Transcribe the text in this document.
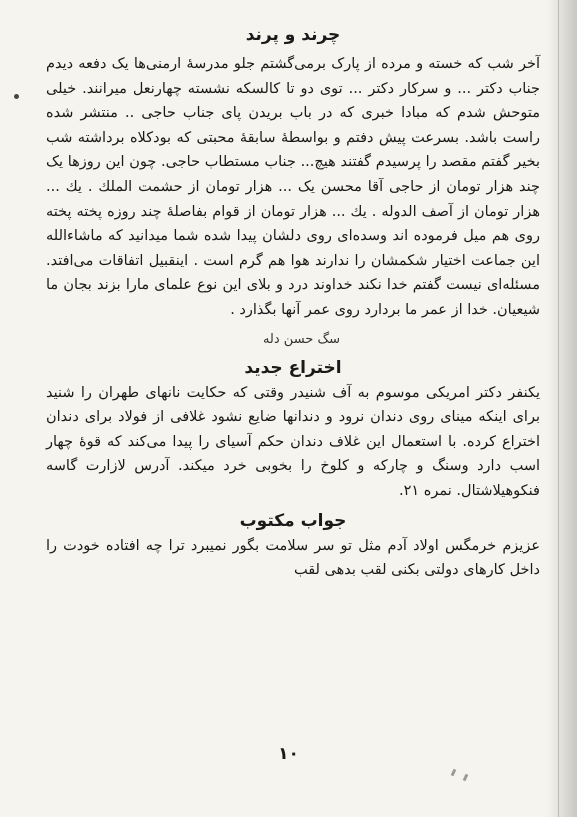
چرند و پرند

آخر شب که خسته و مرده از پارک برمی‌گشتم جلو مدرسهٔ ارمنی‌ها یک دفعه دیدم جناب دکتر ... و سرکار دکتر ... توی دو تا کالسکه نشسته چهارنعل میرانند. خیلی متوحش شدم که مبادا خبری که در باب بریدن پای جناب حاجی .. منتشر شده راست باشد. بسرعت پیش دفتم و بواسطهٔ سابقهٔ محبتی که بودکلاه برداشته شب بخیر گفتم مقصد را پرسیدم گفتند هیچ... جناب مستطاب حاجی. چون این روزها یک چند هزار تومان از حاجی آقا محسن یک ... هزار تومان از حشمت الملك . یك ... هزار تومان از آصف الدوله . یك ... هزار تومان از قوام بفاصلهٔ چند روزه پخته پخته روی هم میل فرموده اند وسده‌ای روی دلشان پیدا شده شما میدانید که ماشاءالله این جماعت اختیار شکمشان را ندارند هوا هم گرم است . اینقبیل اتفاقات می‌افتد. مسئله‌ای نیست گفتم خدا نکند خداوند درد و بلای این نوع علمای مارا بزند بجان ما شیعیان. خدا از عمر ما بردارد روی عمر آنها بگذارد .

سگ حسن دله
اختراع جدید

یکنفر دکتر امریکی موسوم به آف شنیدر وقتی که حکایت نانهای طهران را شنید برای اینکه مینای روی دندان نرود و دندانها ضایع نشود غلافی از فولاد برای دندان اختراع کرده. با استعمال این غلاف دندان حکم آسیای را پیدا می‌کند که قوهٔ چهار اسب دارد وسنگ و چارکه و کلوخ را بخوبی خرد میکند. آدرس لازارت گاسه فنکوهیلاشتال. نمره ۲۱.

جواب مکتوب

عزیزم خرمگس اولاد آدم مثل تو سر سلامت بگور نمیبرد ترا چه افتاده خودت را داخل کارهای دولتی بکنی لقب بدهی لقب

۱۰
